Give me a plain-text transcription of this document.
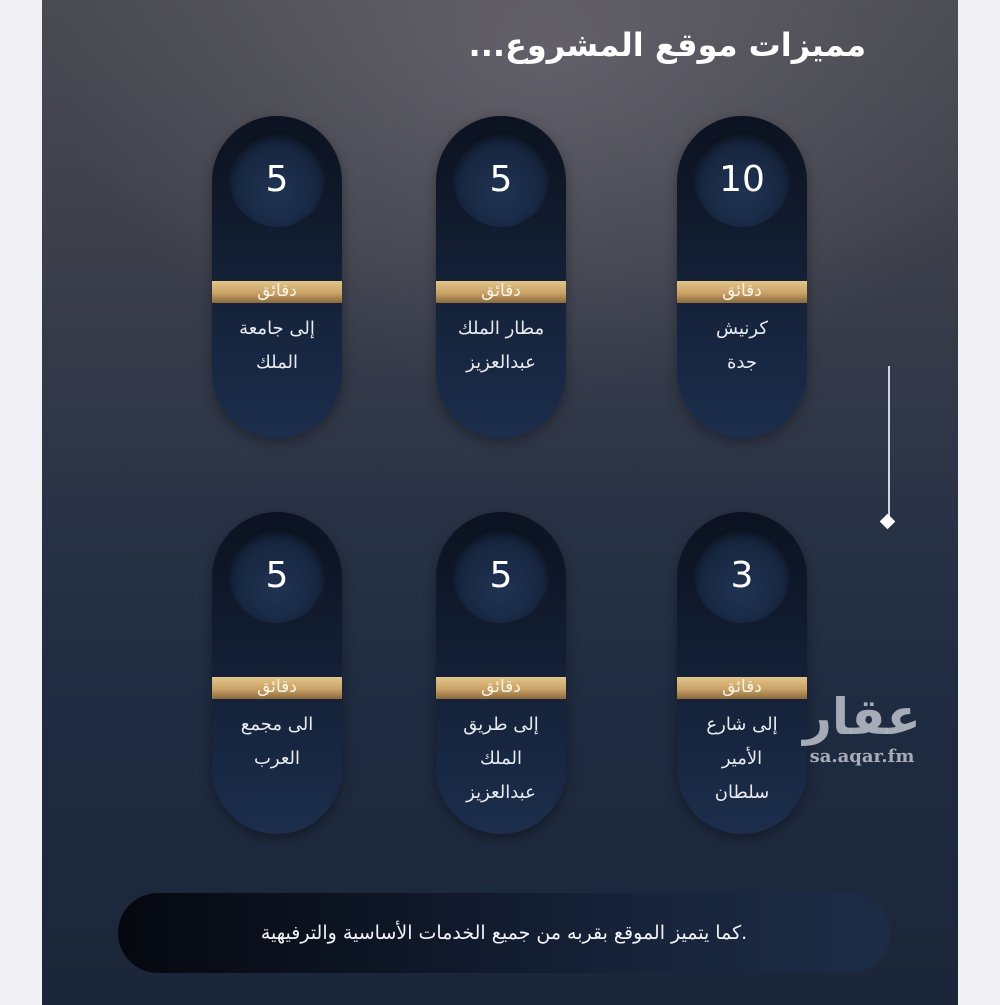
مميزات موقع المشروع...
10
دقائق
كرنيش
جدة
5
دقائق
مطار الملك
عبدالعزيز
5
دقائق
إلى جامعة
الملك
3
دقائق
إلى شارع
الأمير
سلطان
5
دقائق
إلى طريق
الملك
عبدالعزيز
5
دقائق
الى مجمع
العرب
عقار
sa.aqar.fm
.كما يتميز الموقع بقربه من جميع الخدمات الأساسية والترفيهية
